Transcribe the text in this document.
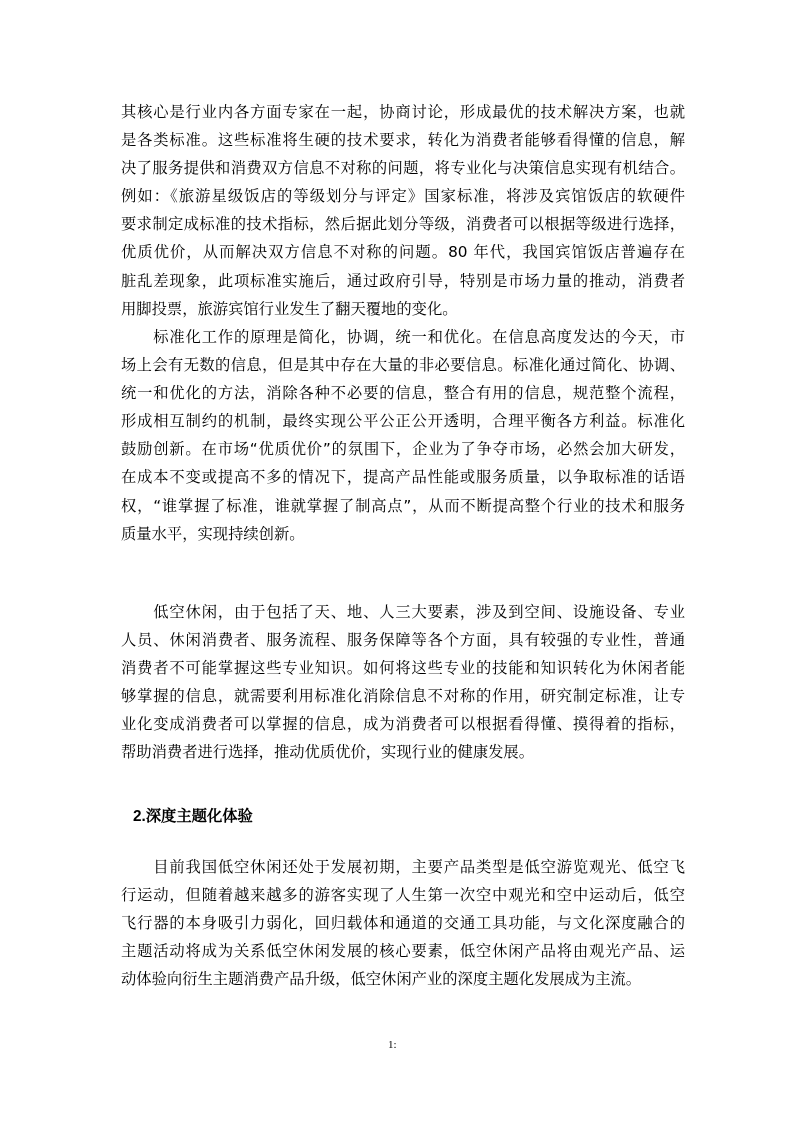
其核心是行业内各方面专家在一起，协商讨论，形成最优的技术解决方案，也就
是各类标准。这些标准将生硬的技术要求，转化为消费者能够看得懂的信息，解
决了服务提供和消费双方信息不对称的问题，将专业化与决策信息实现有机结合。
例如：《旅游星级饭店的等级划分与评定》国家标准，将涉及宾馆饭店的软硬件
要求制定成标准的技术指标，然后据此划分等级，消费者可以根据等级进行选择，
优质优价，从而解决双方信息不对称的问题。80 年代，我国宾馆饭店普遍存在
脏乱差现象，此项标准实施后，通过政府引导，特别是市场力量的推动，消费者
用脚投票，旅游宾馆行业发生了翻天覆地的变化。
　　标准化工作的原理是简化，协调，统一和优化。在信息高度发达的今天，市
场上会有无数的信息，但是其中存在大量的非必要信息。标准化通过简化、协调、
统一和优化的方法，消除各种不必要的信息，整合有用的信息，规范整个流程，
形成相互制约的机制，最终实现公平公正公开透明，合理平衡各方利益。标准化
鼓励创新。在市场“优质优价”的氛围下，企业为了争夺市场，必然会加大研发，
在成本不变或提高不多的情况下，提高产品性能或服务质量，以争取标准的话语
权，“谁掌握了标准，谁就掌握了制高点”，从而不断提高整个行业的技术和服务
质量水平，实现持续创新。
　　低空休闲，由于包括了天、地、人三大要素，涉及到空间、设施设备、专业
人员、休闲消费者、服务流程、服务保障等各个方面，具有较强的专业性，普通
消费者不可能掌握这些专业知识。如何将这些专业的技能和知识转化为休闲者能
够掌握的信息，就需要利用标准化消除信息不对称的作用，研究制定标准，让专
业化变成消费者可以掌握的信息，成为消费者可以根据看得懂、摸得着的指标，
帮助消费者进行选择，推动优质优价，实现行业的健康发展。
2.深度主题化体验
　　目前我国低空休闲还处于发展初期，主要产品类型是低空游览观光、低空飞
行运动，但随着越来越多的游客实现了人生第一次空中观光和空中运动后，低空
飞行器的本身吸引力弱化，回归载体和通道的交通工具功能，与文化深度融合的
主题活动将成为关系低空休闲发展的核心要素，低空休闲产品将由观光产品、运
动体验向衍生主题消费产品升级，低空休闲产业的深度主题化发展成为主流。
1:
